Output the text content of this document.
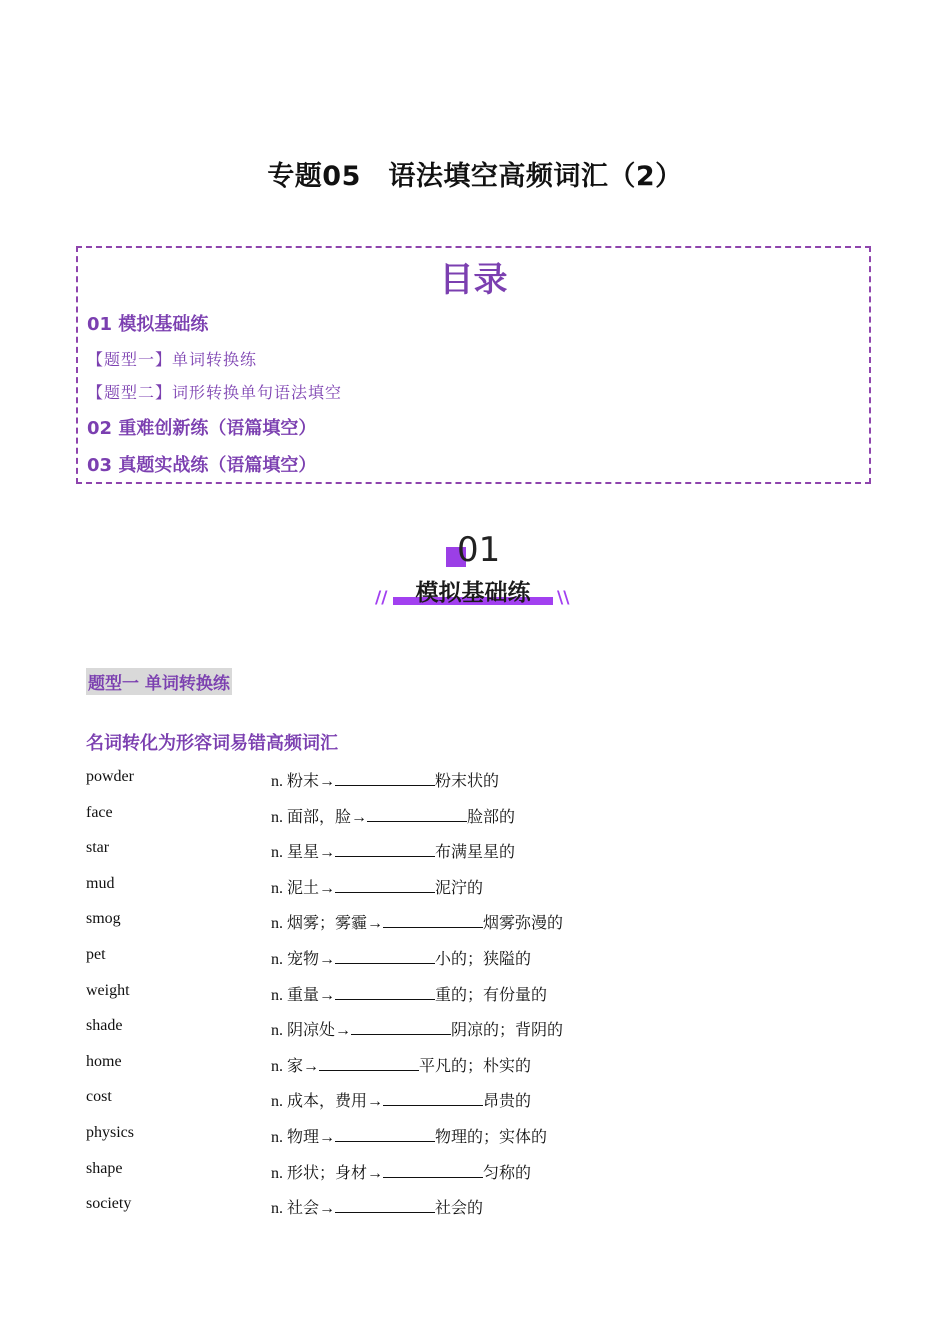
专题05　语法填空高频词汇（2）
目录
01 模拟基础练
【题型一】单词转换练
【题型二】词形转换单句语法填空
02 重难创新练（语篇填空）
03 真题实战练（语篇填空）
01
//	模拟基础练	\\
题型一 单词转换练
名词转化为形容词易错高频词汇
powder	n. 粉末→	粉末状的
face	n. 面部，脸→	脸部的
star	n. 星星→	布满星星的
mud	n. 泥土→	泥泞的
smog	n. 烟雾；雾霾→	烟雾弥漫的
pet	n. 宠物→	小的；狭隘的
weight	n. 重量→	重的；有份量的
shade	n. 阴凉处→	阴凉的；背阴的
home	n. 家→	平凡的；朴实的
cost	n. 成本，费用→	昂贵的
physics	n. 物理→	物理的；实体的
shape	n. 形状；身材→	匀称的
society	n. 社会→	社会的
